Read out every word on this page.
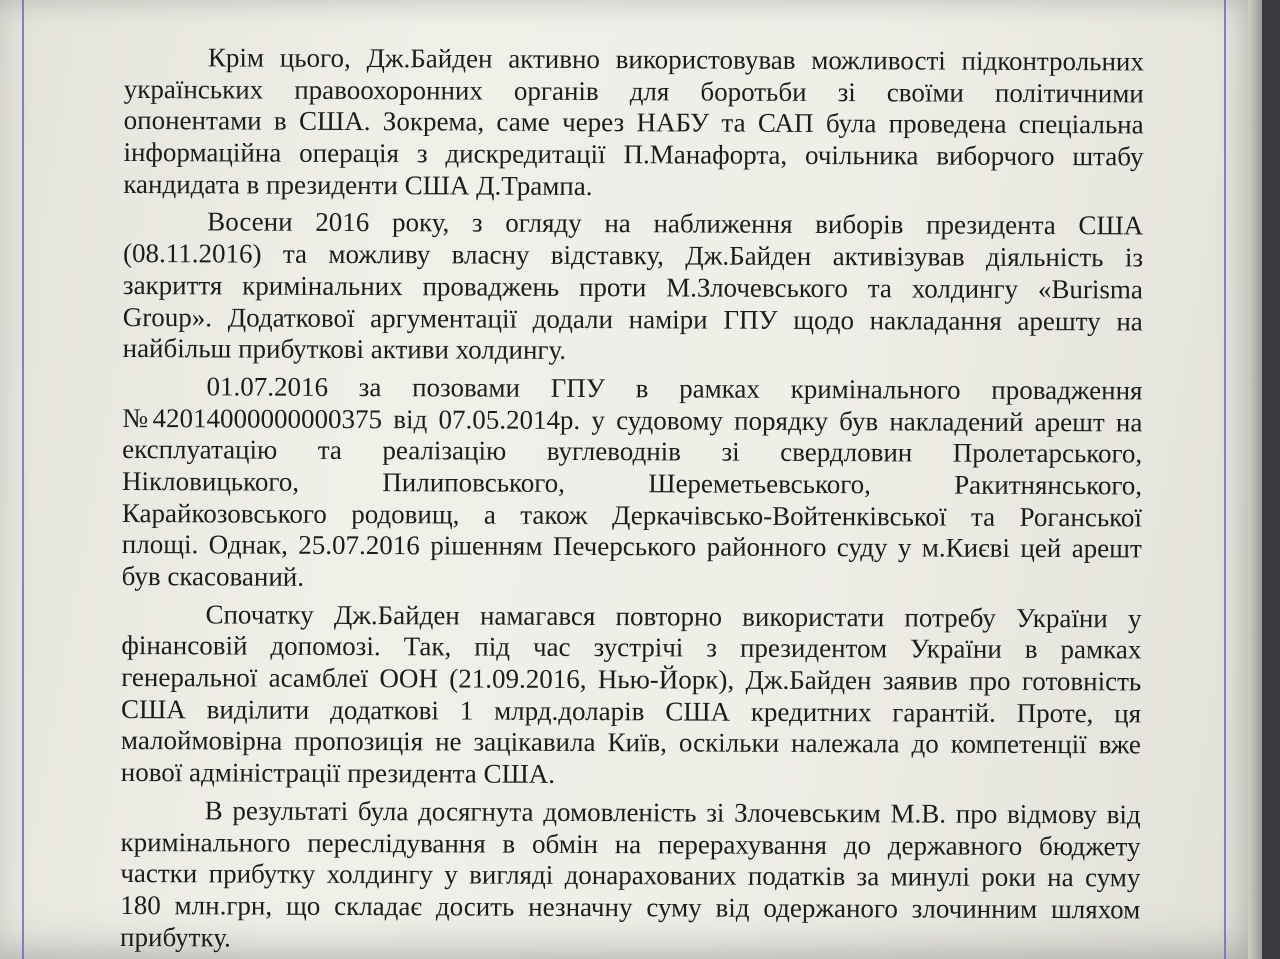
Крім цього, Дж.Байден активно використовував можливості підконтрольних
українських правоохоронних органів для боротьби зі своїми політичними
опонентами в США. Зокрема, саме через НАБУ та САП була проведена спеціальна
інформаційна операція з дискредитації П.Манафорта, очільника виборчого штабу
кандидата в президенти США Д.Трампа.
Восени 2016 року, з огляду на наближення виборів президента США
(08.11.2016) та можливу власну відставку, Дж.Байден активізував діяльність із
закриття кримінальних проваджень проти М.Злочевського та холдингу «Burisma
Group». Додаткової аргументації додали наміри ГПУ щодо накладання арешту на
найбільш прибуткові активи холдингу.
01.07.2016 за позовами ГПУ в рамках кримінального провадження
№42014000000000375 від 07.05.2014р. у судовому порядку був накладений арешт на
експлуатацію та реалізацію вуглеводнів зі свердловин Пролетарського,
Нікловицького, Пилиповського, Шереметьевського, Ракитнянського,
Карайкозовського родовищ, а також Деркачівсько-Войтенківської та Роганської
площі. Однак, 25.07.2016 рішенням Печерського районного суду у м.Києві цей арешт
був скасований.
Спочатку Дж.Байден намагався повторно використати потребу України у
фінансовій допомозі. Так, під час зустрічі з президентом України в рамках
генеральної асамблеї ООН (21.09.2016, Нью-Йорк), Дж.Байден заявив про готовність
США виділити додаткові 1 млрд.доларів США кредитних гарантій. Проте, ця
малоймовірна пропозиція не зацікавила Київ, оскільки належала до компетенції вже
нової адміністрації президента США.
В результаті була досягнута домовленість зі Злочевським М.В. про відмову від
кримінального переслідування в обмін на перерахування до державного бюджету
частки прибутку холдингу у вигляді донарахованих податків за минулі роки на суму
180 млн.грн, що складає досить незначну суму від одержаного злочинним шляхом
прибутку.
